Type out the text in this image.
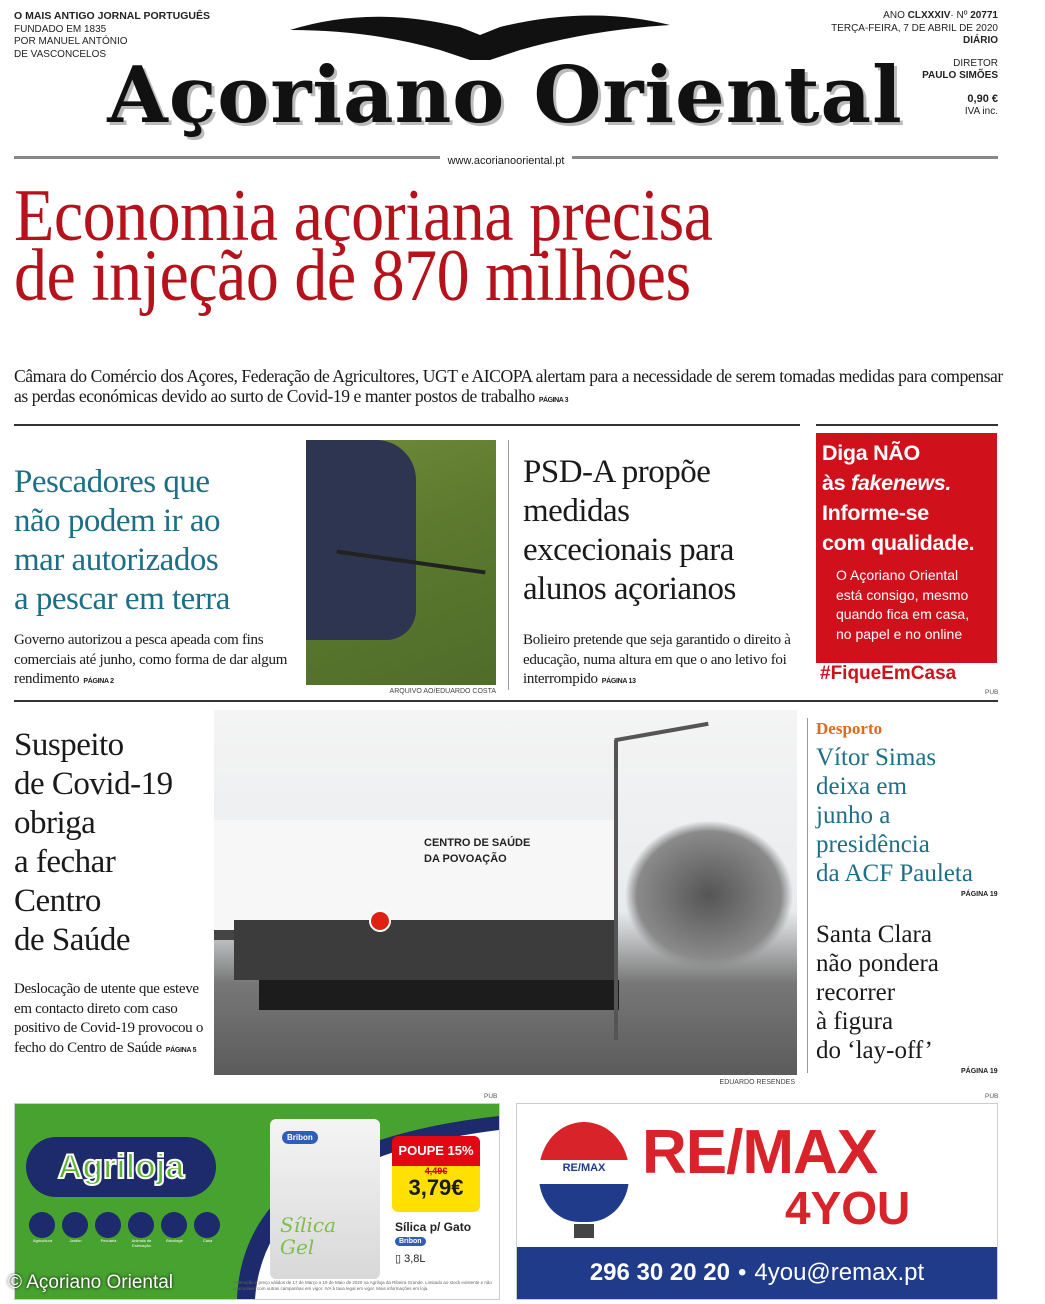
O MAIS ANTIGO JORNAL PORTUGUÊS
FUNDADO EM 1835
POR MANUEL ANTÓNIO
DE VASCONCELOS Açoriano Oriental
ANO CLXXXIV· Nº 20771
TERÇA-FEIRA, 7 DE ABRIL DE 2020
DIÁRIO

DIRETOR
PAULO SIMÕES

0,90 €
IVA inc.
www.acorianooriental.pt
Economia açoriana precisa
de injeção de 870 milhões
Câmara do Comércio dos Açores, Federação de Agricultores, UGT e AICOPA alertam para a necessidade de serem tomadas medidas para compensar as perdas económicas devido ao surto de Covid-19 e manter postos de trabalho PÁGINA 3
Pescadores que
não podem ir ao
mar autorizados
a pescar em terra
Governo autorizou a pesca apeada com fins comerciais até junho, como forma de dar algum rendimento PÁGINA 2
ARQUIVO AO/EDUARDO COSTA
PSD-A propõe
medidas
excecionais para
alunos açorianos
Bolieiro pretende que seja garantido o direito à educação, numa altura em que o ano letivo foi interrompido PÁGINA 13
Diga NÃO
às fakenews.
Informe-se
com qualidade.
O Açoriano Oriental
está consigo, mesmo
quando fica em casa,
no papel e no online
#FiqueEmCasa
PUB
Suspeito
de Covid-19
obriga
a fechar
Centro
de Saúde
Deslocação de utente que esteve em contacto direto com caso positivo de Covid-19 provocou o fecho do Centro de Saúde PÁGINA 5
CENTRO DE SAÚDE DA POVOAÇÃO
EDUARDO RESENDES
Desporto
Vítor Simas
deixa em
junho a
presidência
da ACF Pauleta
PÁGINA 19
Santa Clara
não pondera
recorrer
à figura
do ‘lay-off’
PÁGINA 19
PUB
Agriloja
Agricultura	Jardim	Pecuária	Animais de Estimação
Bricolage	Casa
Bribon
Sílica Gel
POUPE 15%
4,49€
3,79€
Sílica p/ Gato
Bribon
▯ 3,8L
Promoção e preço válidos de 17 de Março a 19 de Maio de 2020 na Agriloja da Ribeira Grande. Limitado ao stock existente e não acumulável com outras campanhas em vigor. IVA à taxa legal em vigor. Mais informações em loja.
PUB
RE/MAX RE/MAX
4YOU
296 30 20 20 • 4you@remax.pt
© Açoriano Oriental
